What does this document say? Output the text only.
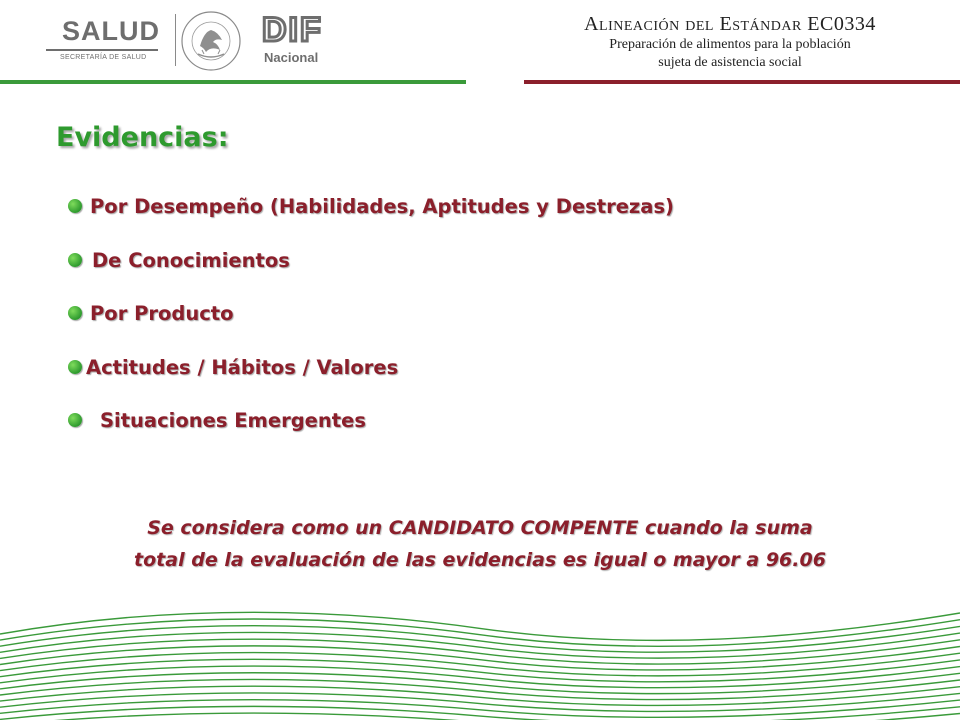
SALUD
SECRETARÍA DE SALUD
DIF
Nacional
Alineación del Estándar EC0334
Preparación de alimentos para la población
sujeta de asistencia social
Evidencias:
Por Desempeño (Habilidades, Aptitudes y Destrezas)
De Conocimientos
Por Producto
Actitudes / Hábitos / Valores
Situaciones Emergentes
Se considera como un CANDIDATO COMPENTE cuando la suma
total de la evaluación de las evidencias es igual o mayor a 96.06
